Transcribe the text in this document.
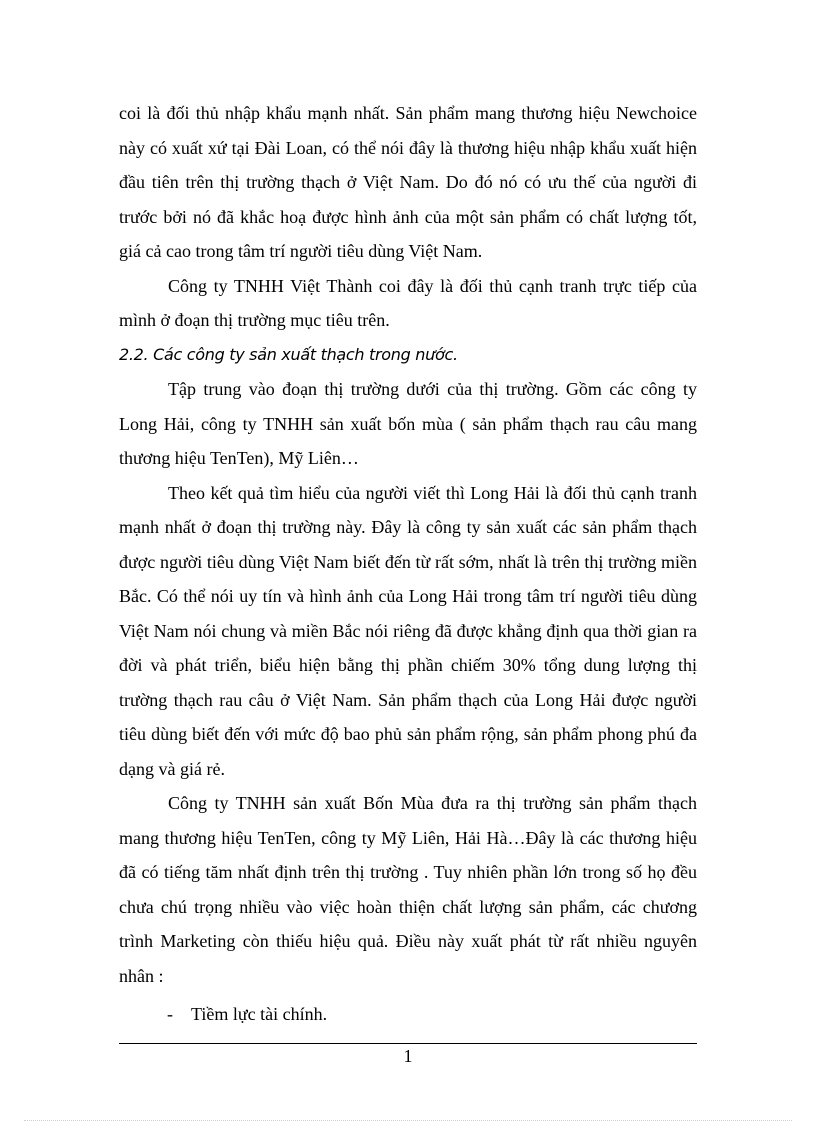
coi là đối thủ nhập khẩu mạnh nhất. Sản phẩm mang thương hiệu Newchoice này có xuất xứ tại Đài Loan, có thể nói đây là thương hiệu nhập khẩu xuất hiện đầu tiên trên thị trường thạch ở Việt Nam. Do đó nó có ưu thế của người đi trước bởi nó đã khắc hoạ được hình ảnh của một sản phẩm có chất lượng tốt, giá cả cao trong tâm trí người tiêu dùng Việt Nam.

Công ty TNHH Việt Thành coi đây là đối thủ cạnh tranh trực tiếp của mình ở đoạn thị trường mục tiêu trên.

2.2. Các công ty sản xuất thạch trong nước.

Tập trung vào đoạn thị trường dưới của thị trường. Gồm các công ty Long Hải, công ty TNHH sản xuất bốn mùa ( sản phẩm thạch rau câu mang thương hiệu TenTen), Mỹ Liên…

Theo kết quả tìm hiểu của người viết thì Long Hải là đối thủ cạnh tranh mạnh nhất ở đoạn thị trường này. Đây là công ty sản xuất các sản phẩm thạch được người tiêu dùng Việt Nam biết đến từ rất sớm, nhất là trên thị trường miền Bắc. Có thể nói uy tín và hình ảnh của Long Hải trong tâm trí người tiêu dùng Việt Nam nói chung và miền Bắc nói riêng đã được khẳng định qua thời gian ra đời và phát triển, biểu hiện bằng thị phần chiếm 30% tổng dung lượng thị trường thạch rau câu ở Việt Nam. Sản phẩm thạch của Long Hải được người tiêu dùng biết đến với mức độ bao phủ sản phẩm rộng, sản phẩm phong phú đa dạng và giá rẻ.

Công ty TNHH sản xuất Bốn Mùa đưa ra thị trường sản phẩm thạch mang thương hiệu TenTen, công ty Mỹ Liên, Hải Hà…Đây là các thương hiệu đã có tiếng tăm nhất định trên thị trường . Tuy nhiên phần lớn trong số họ đều chưa chú trọng nhiều vào việc hoàn thiện chất lượng sản phẩm, các chương trình Marketing còn thiếu hiệu quả. Điều này xuất phát từ rất nhiều nguyên nhân :

-	Tiềm lực tài chính.
1
